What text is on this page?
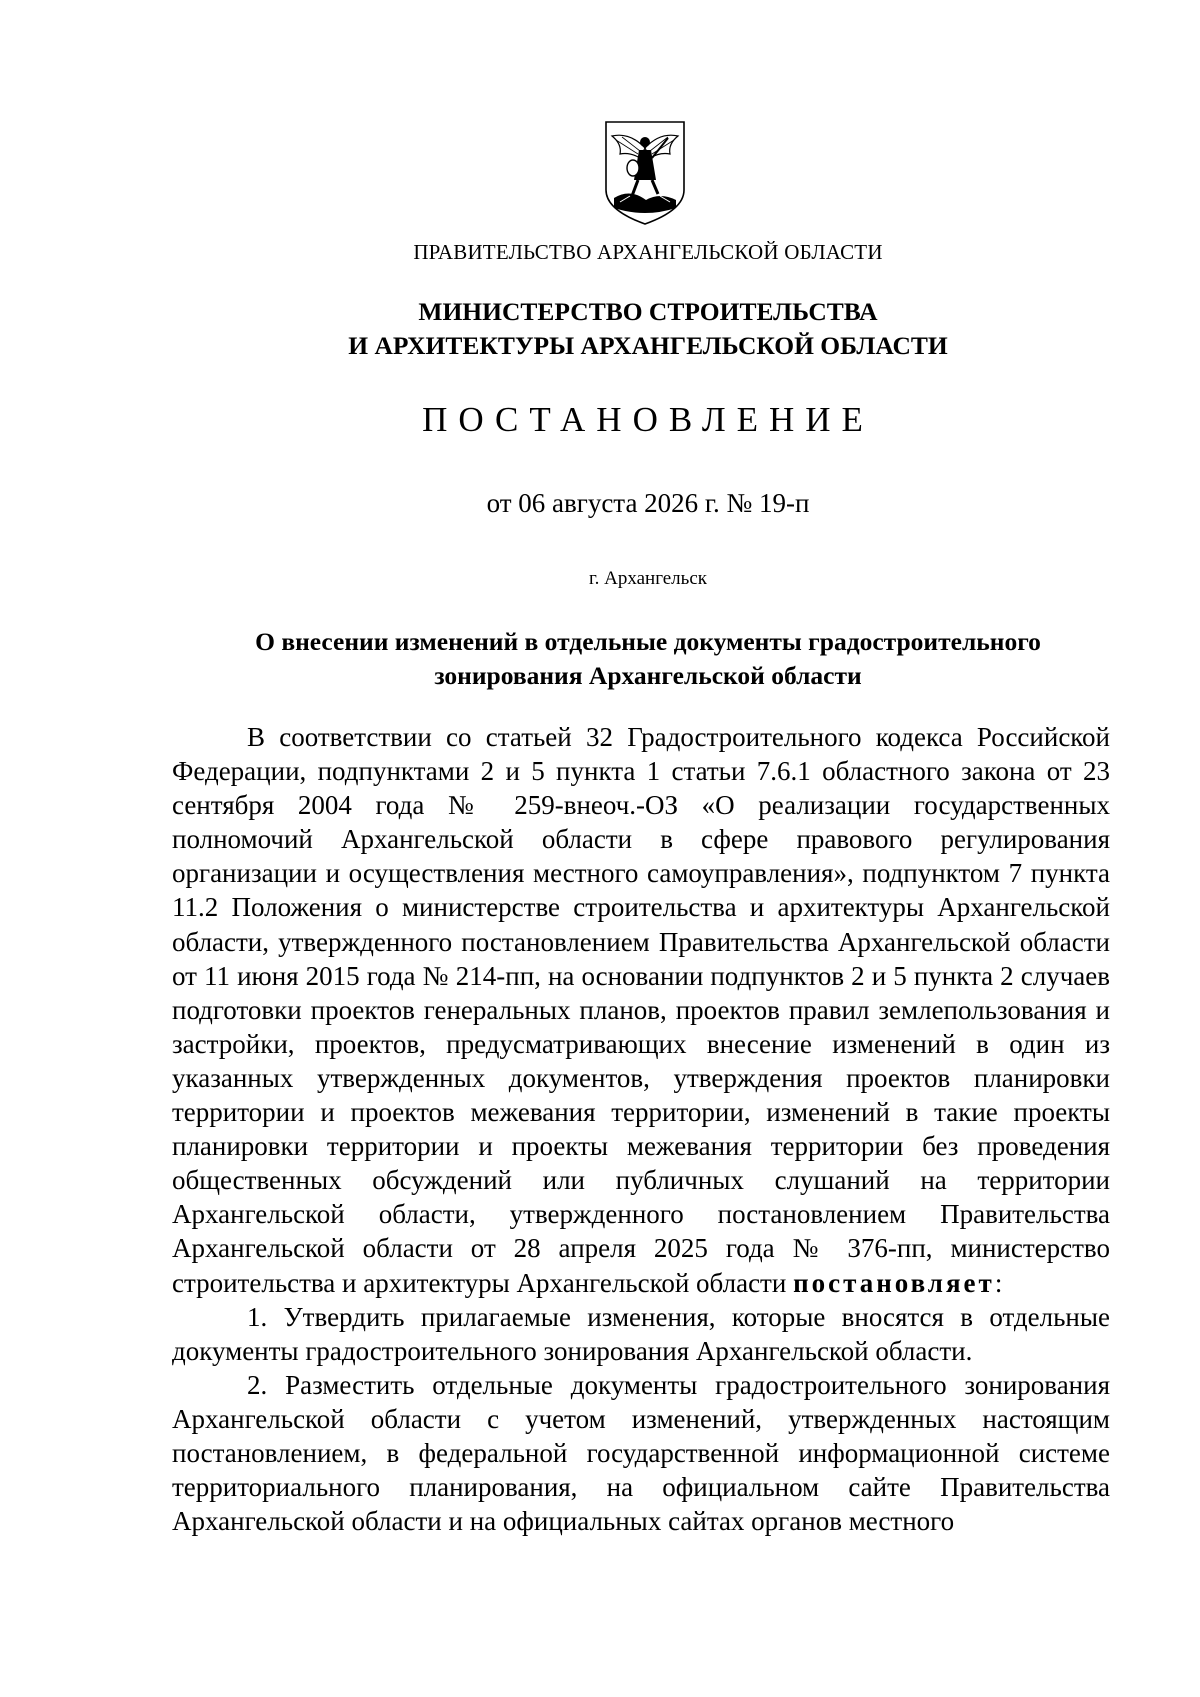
ПРАВИТЕЛЬСТВО АРХАНГЕЛЬСКОЙ ОБЛАСТИ
МИНИСТЕРСТВО СТРОИТЕЛЬСТВА
И АРХИТЕКТУРЫ АРХАНГЕЛЬСКОЙ ОБЛАСТИ
ПОСТАНОВЛЕНИЕ
от 06 августа 2026 г. № 19-п
г. Архангельск
О внесении изменений в отдельные документы градостроительного
зонирования Архангельской области

В соответствии со статьей 32 Градостроительного кодекса Российской Федерации, подпунктами 2 и 5 пункта 1 статьи 7.6.1 областного закона от 23 сентября 2004 года № 259-внеоч.-ОЗ «О реализации государственных полномочий Архангельской области в сфере правового регулирования организации и осуществления местного самоуправления», подпунктом 7 пункта 11.2 Положения о министерстве строительства и архитектуры Архангельской области, утвержденного постановлением Правительства Архангельской области от 11 июня 2015 года № 214-пп, на основании подпунктов 2 и 5 пункта 2 случаев подготовки проектов генеральных планов, проектов правил землепользования и застройки, проектов, предусматривающих внесение изменений в один из указанных утвержденных документов, утверждения проектов планировки территории и проектов межевания территории, изменений в такие проекты планировки территории и проекты межевания территории без проведения общественных обсуждений или публичных слушаний на территории Архангельской области, утвержденного постановлением Правительства Архангельской области от 28 апреля 2025 года № 376-пп, министерство строительства и архитектуры Архангельской области постановляет:

1. Утвердить прилагаемые изменения, которые вносятся в отдельные документы градостроительного зонирования Архангельской области.

2. Разместить отдельные документы градостроительного зонирования Архангельской области с учетом изменений, утвержденных настоящим постановлением, в федеральной государственной информационной системе территориального планирования, на официальном сайте Правительства Архангельской области и на официальных сайтах органов местного
